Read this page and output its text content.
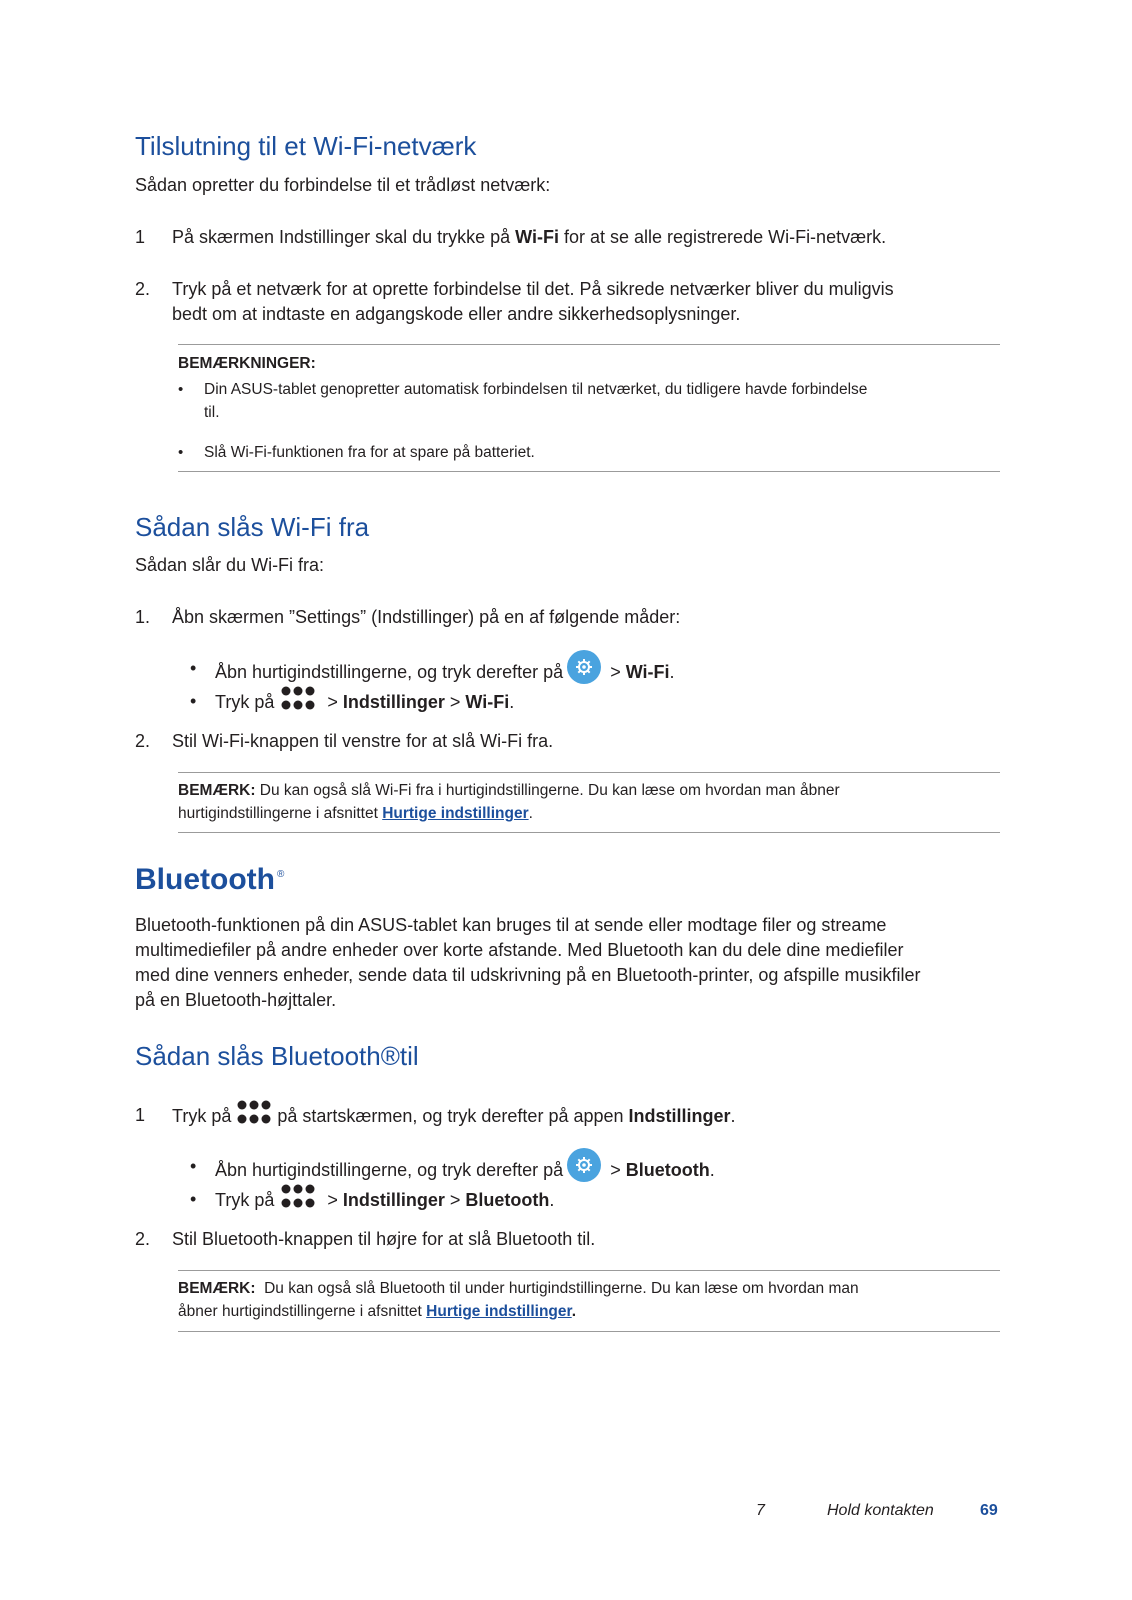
Tilslutning til et Wi-Fi-netværk
Sådan opretter du forbindelse til et trådløst netværk:
1 På skærmen Indstillinger skal du trykke på Wi-Fi for at se alle registrerede Wi-Fi-netværk.
2. Tryk på et netværk for at oprette forbindelse til det. På sikrede netværker bliver du muligvis
bedt om at indtaste en adgangskode eller andre sikkerhedsoplysninger.
BEMÆRKNINGER:
• Din ASUS-tablet genopretter automatisk forbindelsen til netværket, du tidligere havde forbindelse
til.
• Slå Wi-Fi-funktionen fra for at spare på batteriet.
Sådan slås Wi-Fi fra
Sådan slår du Wi-Fi fra:
1. Åbn skærmen ”Settings” (Indstillinger) på en af følgende måder:
• Åbn hurtigindstillingerne, og tryk derefter på
> Wi-Fi.
• Tryk på	> Indstillinger > Wi-Fi.
2. Stil Wi-Fi-knappen til venstre for at slå Wi-Fi fra.
BEMÆRK: Du kan også slå Wi-Fi fra i hurtigindstillingerne. Du kan læse om hvordan man åbner
hurtigindstillingerne i afsnittet Hurtige indstillinger.
Bluetooth ®
Bluetooth-funktionen på din ASUS-tablet kan bruges til at sende eller modtage filer og streame
multimediefiler på andre enheder over korte afstande. Med Bluetooth kan du dele dine mediefiler
med dine venners enheder, sende data til udskrivning på en Bluetooth-printer, og afspille musikfiler
på en Bluetooth-højttaler.
Sådan slås Bluetooth®til
1 Tryk på	på startskærmen, og tryk derefter på appen Indstillinger.
• Åbn hurtigindstillingerne, og tryk derefter på
> Bluetooth.
• Tryk på	> Indstillinger > Bluetooth.
2. Stil Bluetooth-knappen til højre for at slå Bluetooth til.
BEMÆRK:  Du kan også slå Bluetooth til under hurtigindstillingerne. Du kan læse om hvordan man
åbner hurtigindstillingerne i afsnittet Hurtige indstillinger.
7	Hold kontakten	69
